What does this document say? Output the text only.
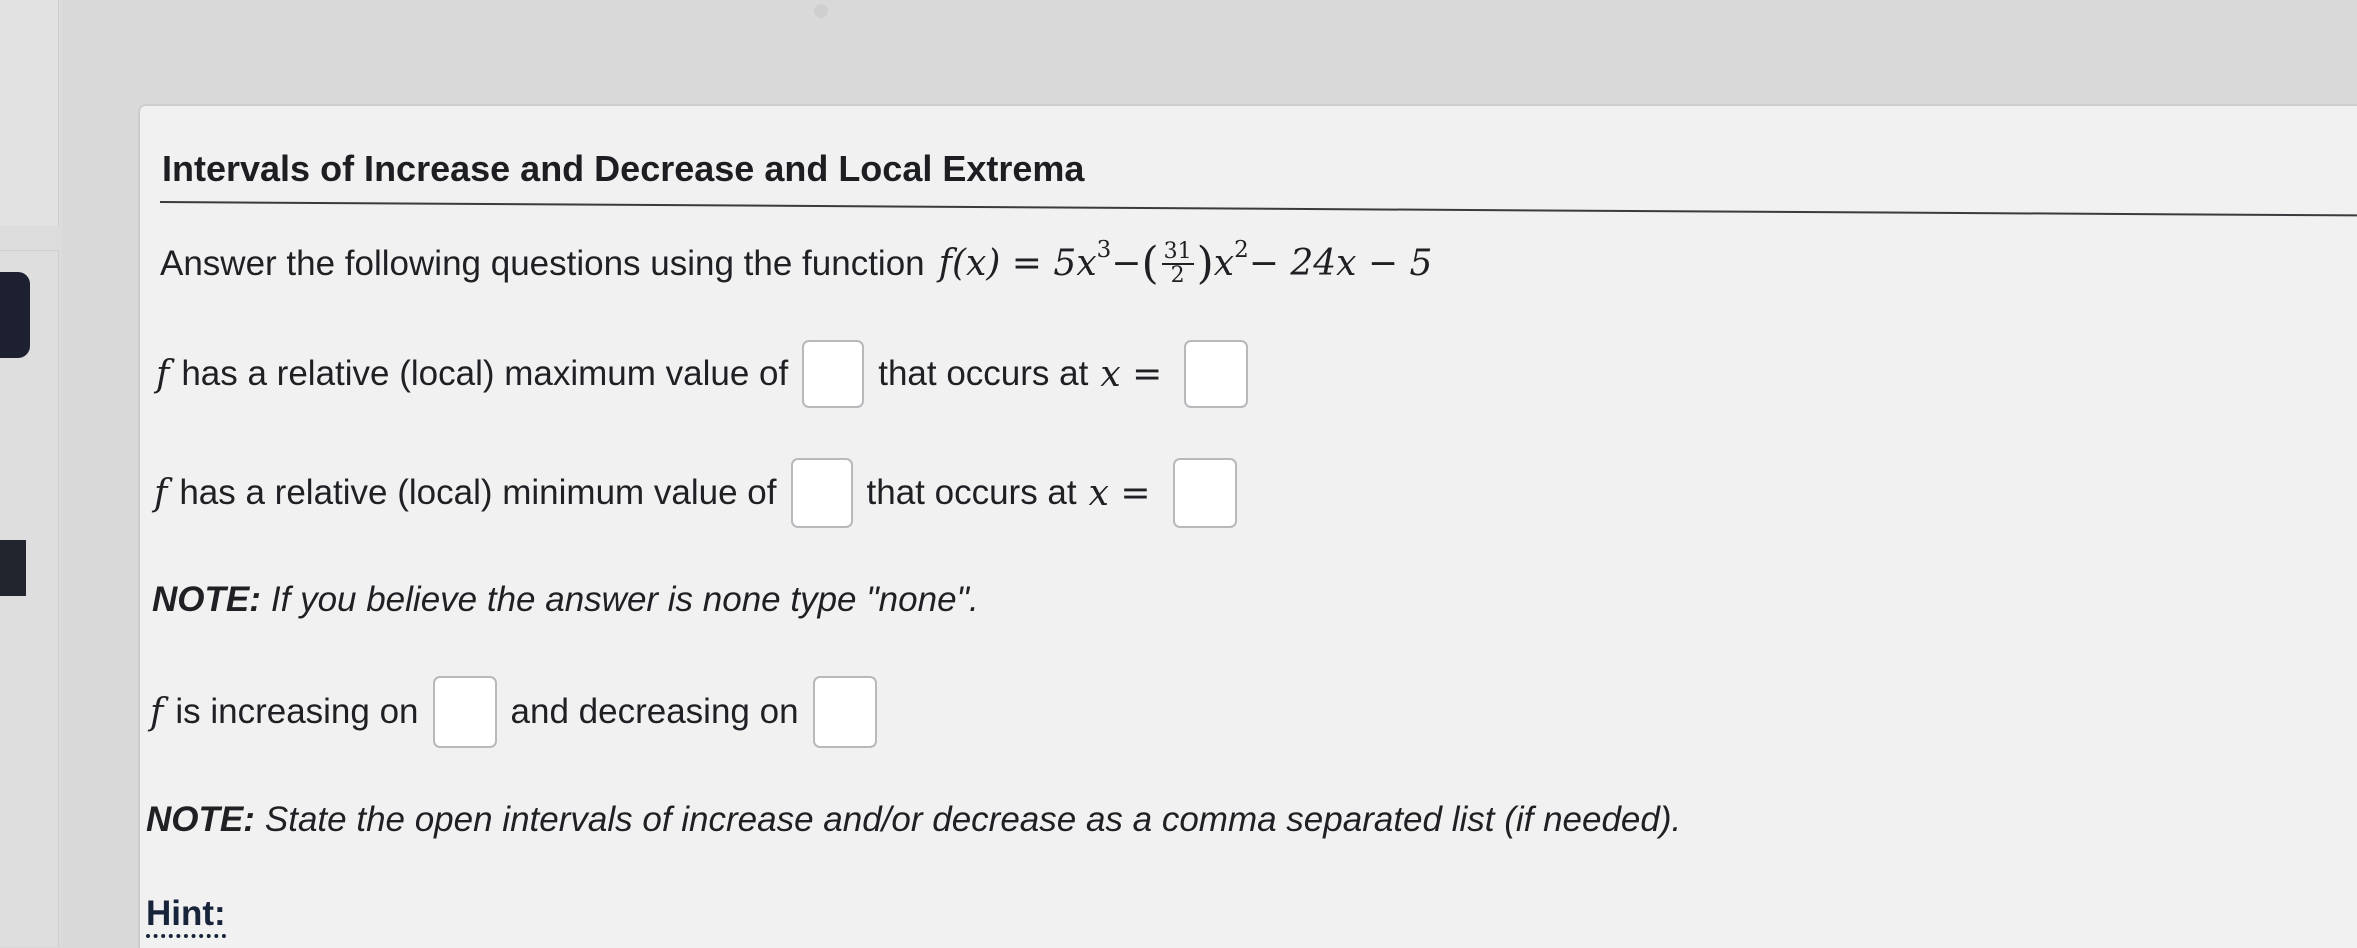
Intervals of Increase and Decrease and Local Extrema
Answer the following questions using the function $f(x) = 5x^3$ − ( $\frac{31}{2}$ ) $x^2 - 24x - 5$
f has a relative (local) maximum value of	that occurs at x =
f has a relative (local) minimum value of	that occurs at x =
NOTE: If you believe the answer is none type "none".
f is increasing on	and decreasing on
NOTE: State the open intervals of increase and/or decrease as a comma separated list (if needed).
Hint:
